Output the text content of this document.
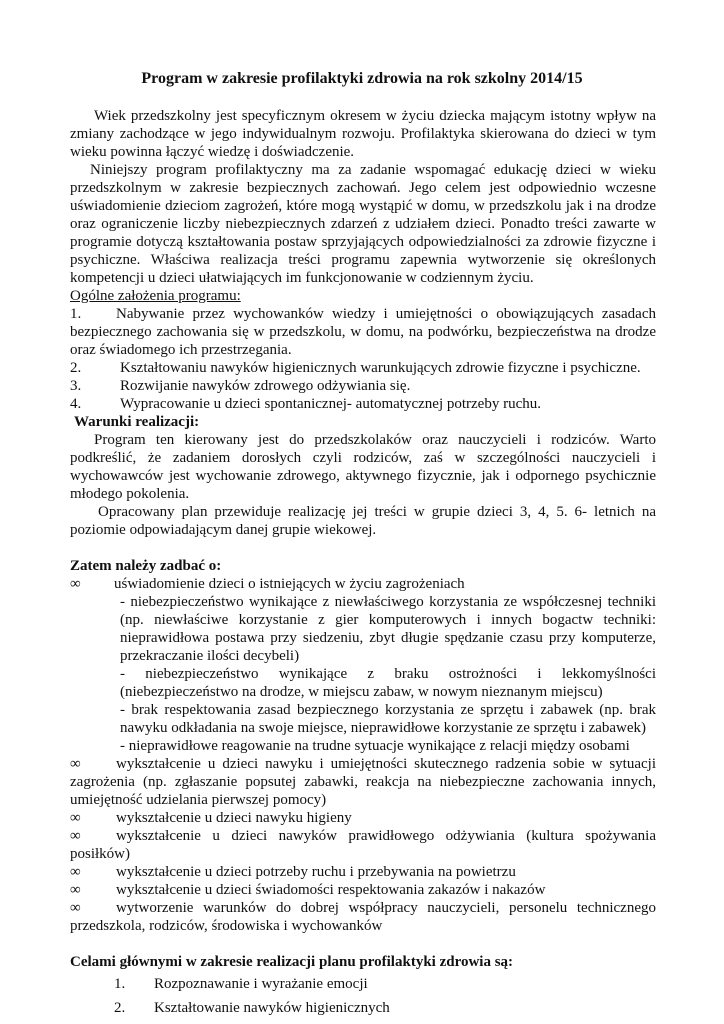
Program w zakresie profilaktyki zdrowia na rok szkolny 2014/15

Wiek przedszkolny jest specyficznym okresem w życiu dziecka mającym istotny wpływ na zmiany zachodzące w jego indywidualnym rozwoju. Profilaktyka skierowana do dzieci w tym wieku powinna łączyć wiedzę i doświadczenie.

Niniejszy program profilaktyczny ma za zadanie wspomagać edukację dzieci w wieku przedszkolnym w zakresie bezpiecznych zachowań. Jego celem jest odpowiednio wczesne uświadomienie dzieciom zagrożeń, które mogą wystąpić w domu, w przedszkolu jak i na drodze oraz ograniczenie liczby niebezpiecznych zdarzeń z udziałem dzieci. Ponadto treści zawarte w programie dotyczą kształtowania postaw sprzyjających odpowiedzialności za zdrowie fizyczne i psychiczne. Właściwa realizacja treści programu zapewnia wytworzenie się określonych kompetencji u dzieci ułatwiających im funkcjonowanie w codziennym życiu.

Ogólne założenia programu:

1. Nabywanie przez wychowanków wiedzy i umiejętności o obowiązujących zasadach bezpiecznego zachowania się w przedszkolu, w domu, na podwórku, bezpieczeństwa na drodze oraz świadomego ich przestrzegania.
2.	Kształtowaniu nawyków higienicznych warunkujących zdrowie fizyczne i psychiczne.
3.	Rozwijanie nawyków zdrowego odżywiania się.
4.	Wypracowanie u dzieci spontanicznej- automatycznej potrzeby ruchu.

Warunki realizacji:

Program ten kierowany jest do przedszkolaków oraz nauczycieli i rodziców. Warto podkreślić, że zadaniem dorosłych czyli rodziców, zaś w szczególności nauczycieli i wychowawców jest wychowanie zdrowego, aktywnego fizycznie, jak i odpornego psychicznie młodego pokolenia.

Opracowany plan przewiduje realizację jej treści w grupie dzieci 3, 4, 5. 6- letnich na poziomie odpowiadającym danej grupie wiekowej.

Zatem należy zadbać o:

∞	uświadomienie dzieci o istniejących w życiu zagrożeniach

- niebezpieczeństwo wynikające z niewłaściwego korzystania ze współczesnej techniki (np. niewłaściwe korzystanie z gier komputerowych i innych bogactw techniki: nieprawidłowa postawa przy siedzeniu, zbyt długie spędzanie czasu przy komputerze, przekraczanie ilości decybeli)

- niebezpieczeństwo wynikające z braku ostrożności i lekkomyślności (niebezpieczeństwo na drodze, w miejscu zabaw, w nowym nieznanym miejscu)

- brak respektowania zasad bezpiecznego korzystania ze sprzętu i zabawek (np. brak nawyku odkładania na swoje miejsce, nieprawidłowe korzystanie ze sprzętu i zabawek)

- nieprawidłowe reagowanie na trudne sytuacje wynikające z relacji między osobami

∞ wykształcenie u dzieci nawyku i umiejętności skutecznego radzenia sobie w sytuacji zagrożenia (np. zgłaszanie popsutej zabawki, reakcja na niebezpieczne zachowania innych, umiejętność udzielania pierwszej pomocy)

∞ wykształcenie u dzieci nawyku higieny

∞ wykształcenie u dzieci nawyków prawidłowego odżywiania (kultura spożywania posiłków)

∞ wykształcenie u dzieci potrzeby ruchu i przebywania na powietrzu

∞ wykształcenie u dzieci świadomości respektowania zakazów i nakazów

∞ wytworzenie warunków do dobrej współpracy nauczycieli, personelu technicznego przedszkola, rodziców, środowiska i wychowanków

Celami głównymi w zakresie realizacji planu profilaktyki zdrowia są:

1.	Rozpoznawanie i wyrażanie emocji
2.	Kształtowanie nawyków higienicznych
